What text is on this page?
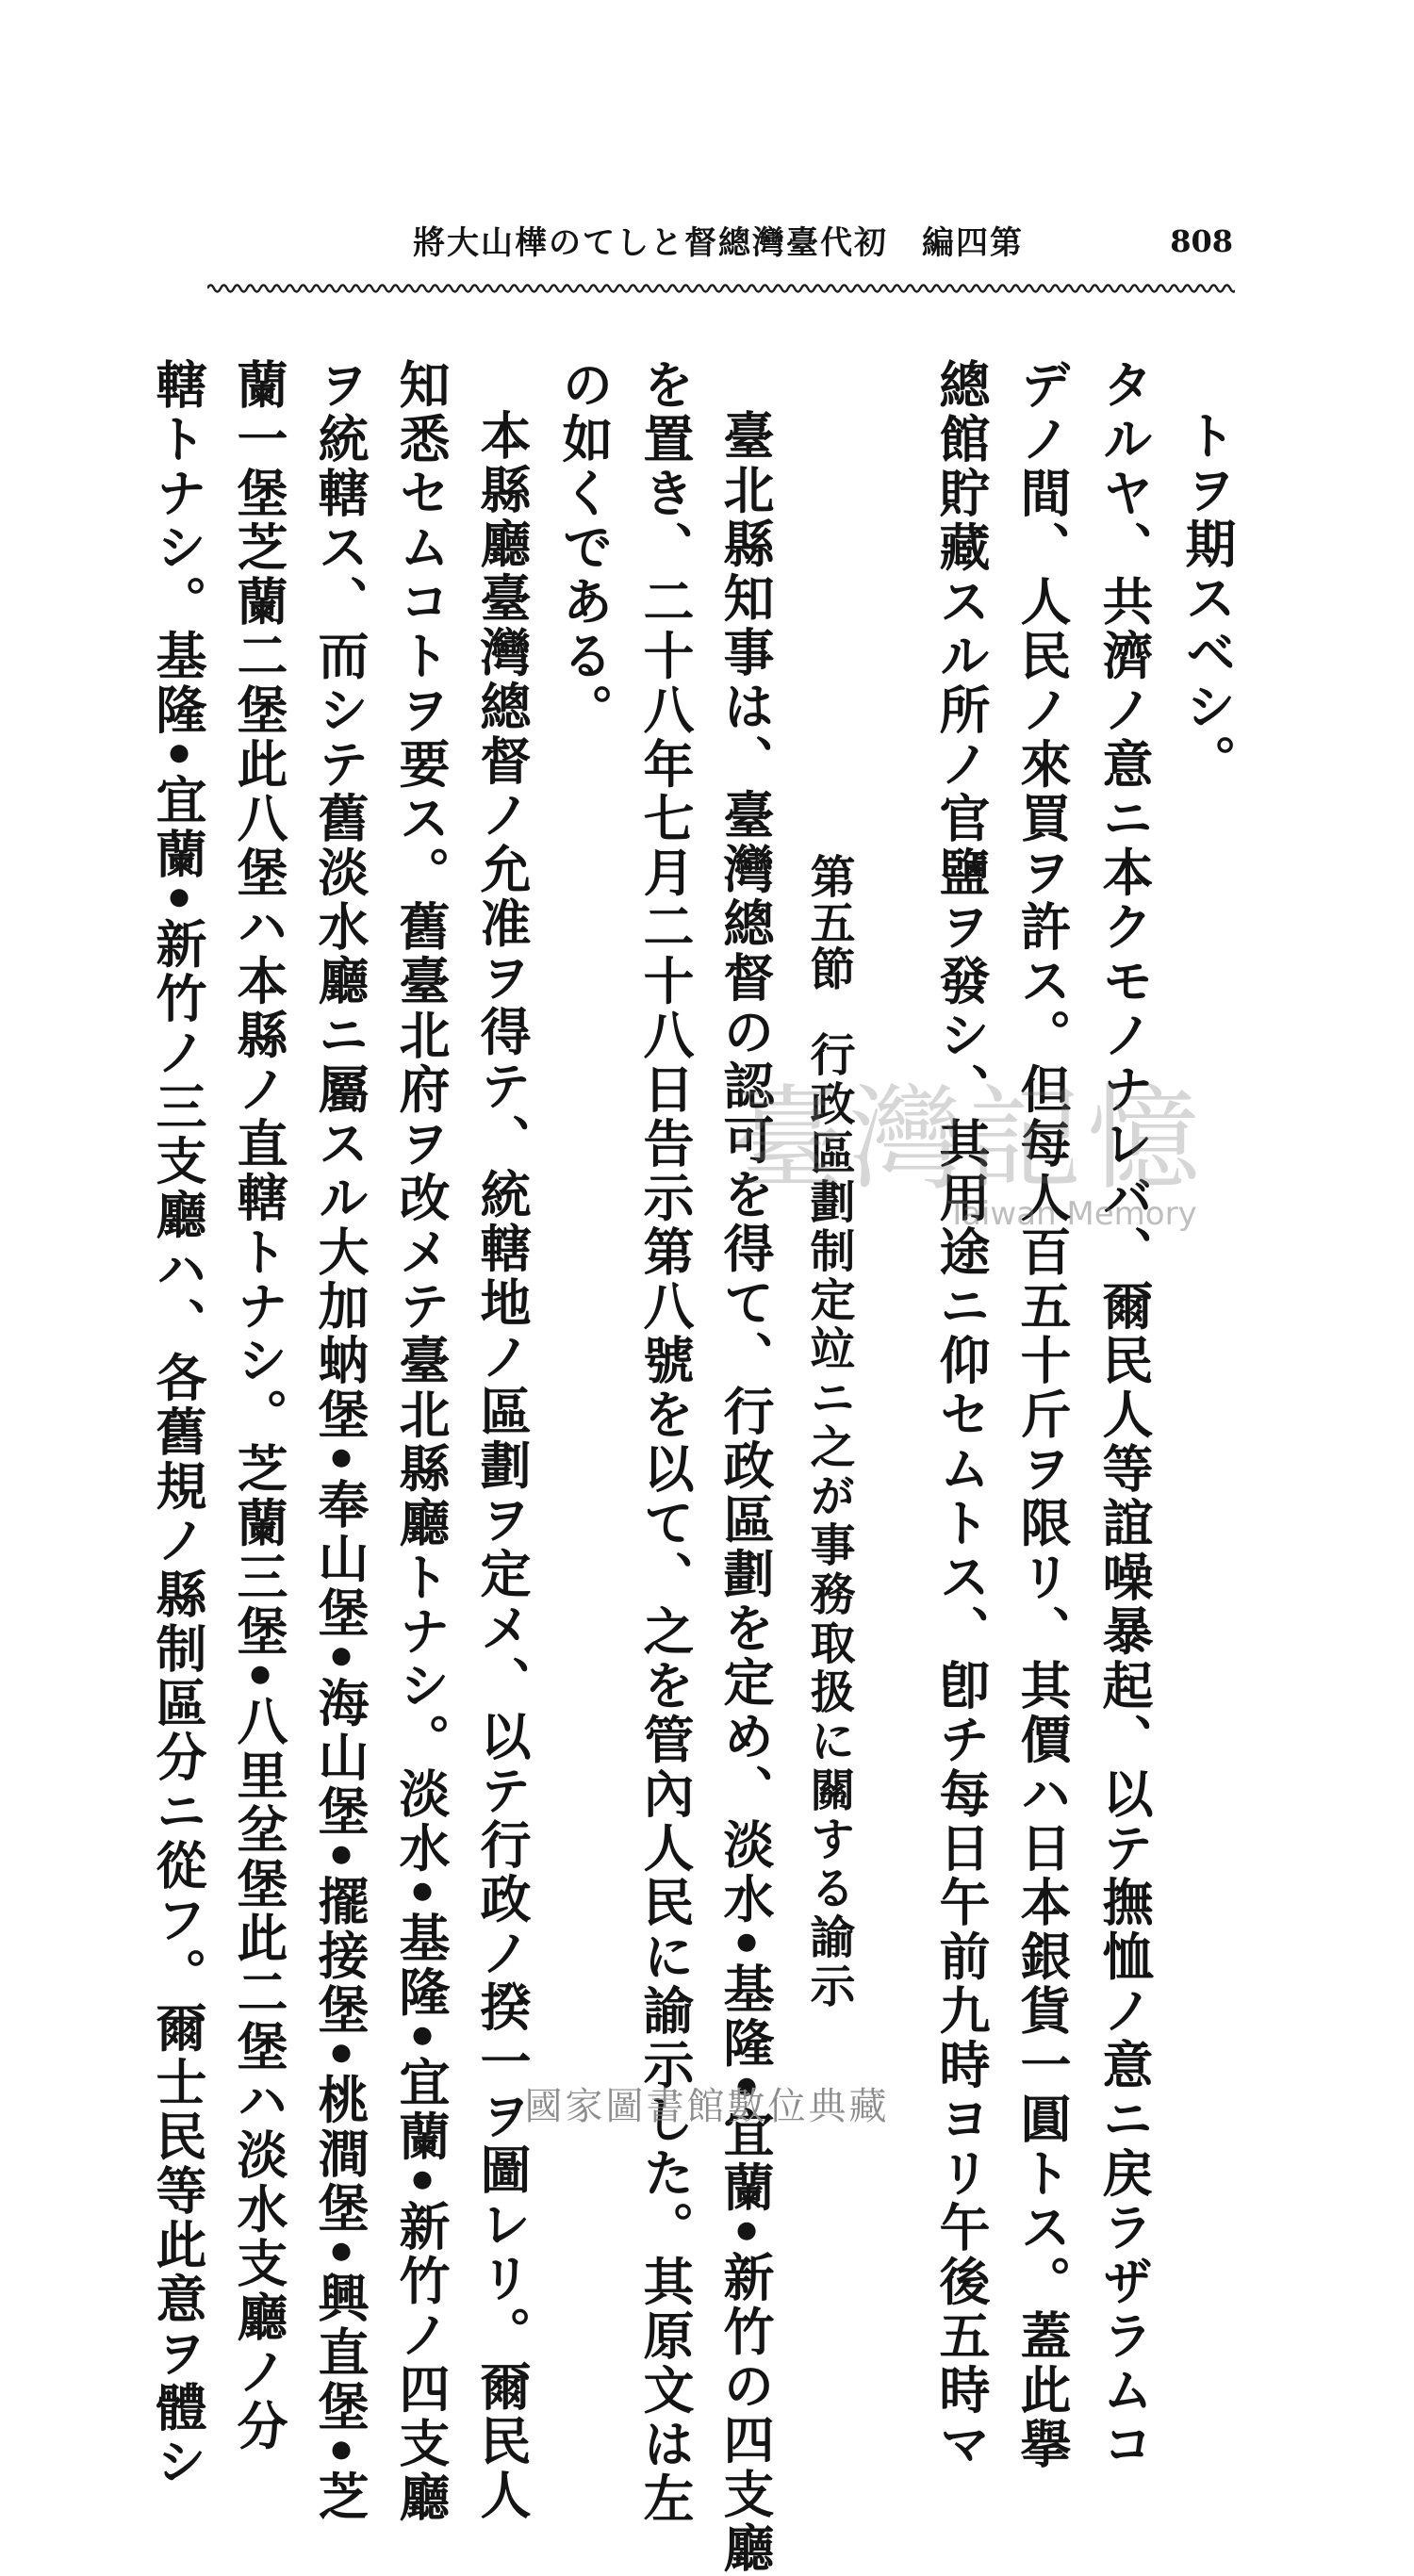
將大山樺のてしと督總灣臺代初　編四第	808
トヲ期スベシ。
タルヤ、共濟ノ意ニ本クモノナレバ、爾民人等誼噪暴起、以テ撫恤ノ意ニ戻ラザラムコ
デノ間、人民ノ來買ヲ許ス。但每人百五十斤ヲ限リ、其價ハ日本銀貨一圓トス。蓋此擧
總館貯藏スル所ノ官鹽ヲ發シ、其用途ニ仰セムトス、卽チ每日午前九時ヨリ午後五時マ
第五節行政區劃制定竝ニ之が事務取扱に關する諭示
臺北縣知事は、臺灣總督の認可を得て、行政區劃を定め、淡水•基隆•宜蘭•新竹の四支廳
を置き、二十八年七月二十八日告示第八號を以て、之を管內人民に諭示した。其原文は左
の如くである。
本縣廳臺灣總督ノ允准ヲ得テ、統轄地ノ區劃ヲ定メ、以テ行政ノ揆一ヲ圖レリ。爾民人
知悉セムコトヲ要ス。舊臺北府ヲ改メテ臺北縣廳トナシ。淡水•基隆•宜蘭•新竹ノ四支廳
ヲ統轄ス、而シテ舊淡水廳ニ屬スル大加蚋堡•奉山堡•海山堡•擺接堡•桃澗堡•興直堡•芝
蘭一堡芝蘭二堡此八堡ハ本縣ノ直轄トナシ。芝蘭三堡•八里坌堡此二堡ハ淡水支廳ノ分
轄トナシ。基隆•宜蘭•新竹ノ三支廳ハ、各舊規ノ縣制區分ニ從フ。爾士民等此意ヲ體シ	臺灣記憶
Taiwan Memory
國家圖書館數位典藏
